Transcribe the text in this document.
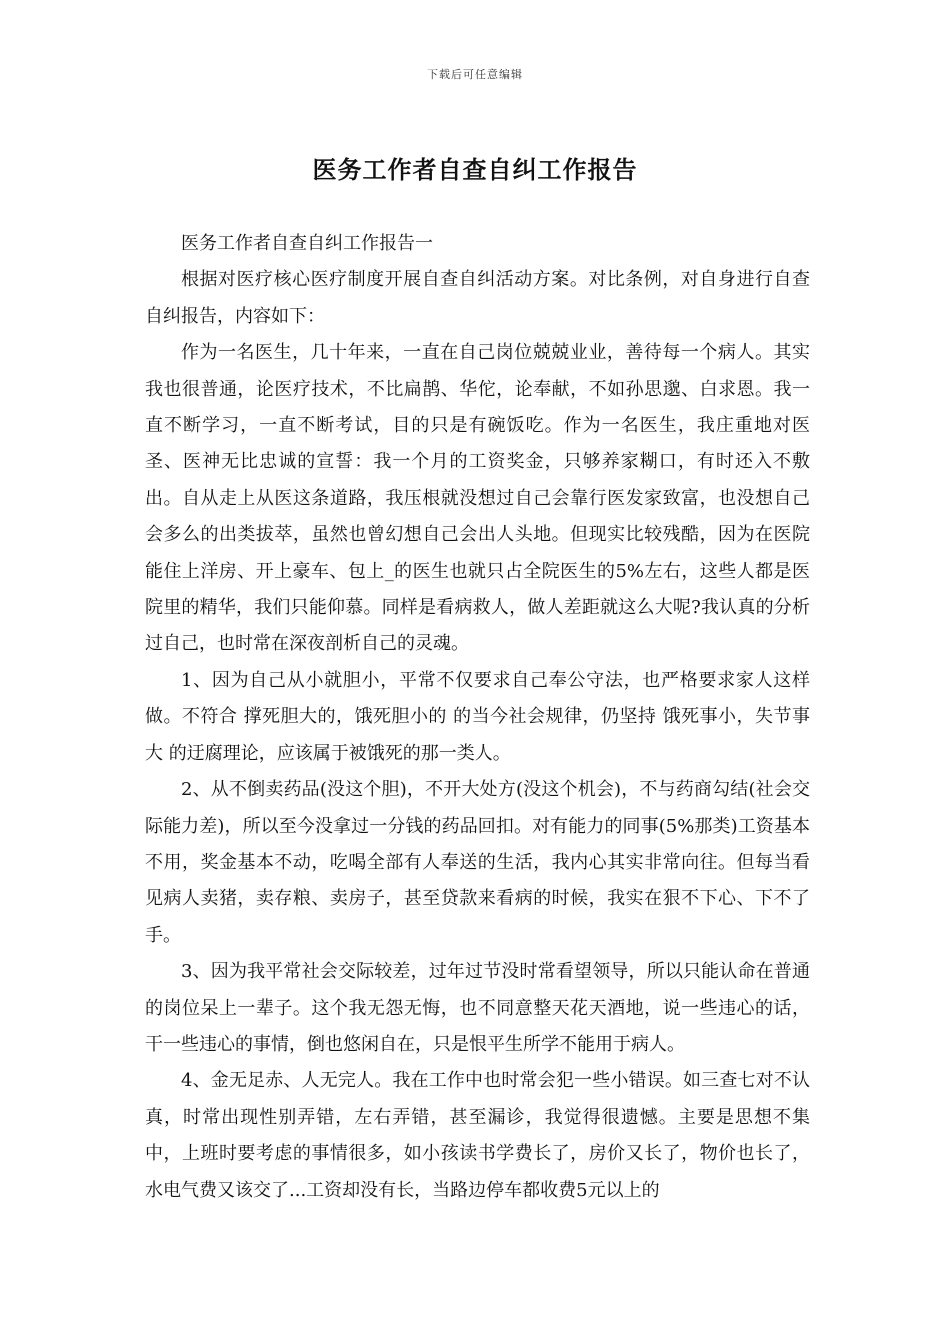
下载后可任意编辑
医务工作者自查自纠工作报告

医务工作者自查自纠工作报告一

根据对医疗核心医疗制度开展自查自纠活动方案。对比条例，对自身进行自查自纠报告，内容如下：

作为一名医生，几十年来，一直在自己岗位兢兢业业，善待每一个病人。其实我也很普通，论医疗技术，不比扁鹊、华佗，论奉献，不如孙思邈、白求恩。我一直不断学习，一直不断考试，目的只是有碗饭吃。作为一名医生，我庄重地对医圣、医神无比忠诚的宣誓：我一个月的工资奖金，只够养家糊口，有时还入不敷出。自从走上从医这条道路，我压根就没想过自己会靠行医发家致富，也没想自己会多么的出类拔萃，虽然也曾幻想自己会出人头地。但现实比较残酷，因为在医院能住上洋房、开上豪车、包上_的医生也就只占全院医生的5%左右，这些人都是医院里的精华，我们只能仰慕。同样是看病救人，做人差距就这么大呢?我认真的分析过自己，也时常在深夜剖析自己的灵魂。

1、因为自己从小就胆小，平常不仅要求自己奉公守法，也严格要求家人这样做。不符合 撑死胆大的，饿死胆小的 的当今社会规律，仍坚持 饿死事小，失节事大 的迂腐理论，应该属于被饿死的那一类人。

2、从不倒卖药品(没这个胆)，不开大处方(没这个机会)，不与药商勾结(社会交际能力差)，所以至今没拿过一分钱的药品回扣。对有能力的同事(5%那类)工资基本不用，奖金基本不动，吃喝全部有人奉送的生活，我内心其实非常向往。但每当看见病人卖猪，卖存粮、卖房子，甚至贷款来看病的时候，我实在狠不下心、下不了手。

3、因为我平常社会交际较差，过年过节没时常看望领导，所以只能认命在普通的岗位呆上一辈子。这个我无怨无悔，也不同意整天花天酒地，说一些违心的话，干一些违心的事情，倒也悠闲自在，只是恨平生所学不能用于病人。

4、金无足赤、人无完人。我在工作中也时常会犯一些小错误。如三查七对不认真，时常出现性别弄错，左右弄错，甚至漏诊，我觉得很遗憾。主要是思想不集中，上班时要考虑的事情很多，如小孩读书学费长了，房价又长了，物价也长了，水电气费又该交了...工资却没有长，当路边停车都收费5元以上的
